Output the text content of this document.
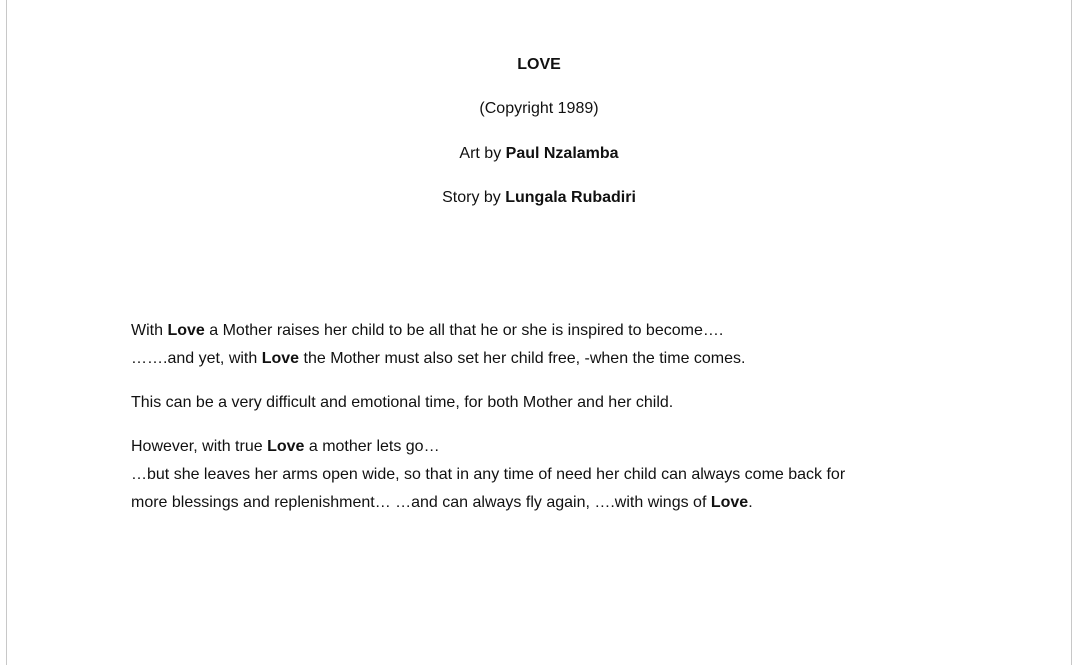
LOVE
(Copyright 1989)
Art by Paul Nzalamba
Story by Lungala Rubadiri
With Love a Mother raises her child to be all that he or she is inspired to become….
…….and yet, with Love the Mother must also set her child free, -when the time comes.
This can be a very difficult and emotional time, for both Mother and her child.
However, with true Love a mother lets go…
…but she leaves her arms open wide, so that in any time of need her child can always come back for
more blessings and replenishment… …and can always fly again, ….with wings of Love.
